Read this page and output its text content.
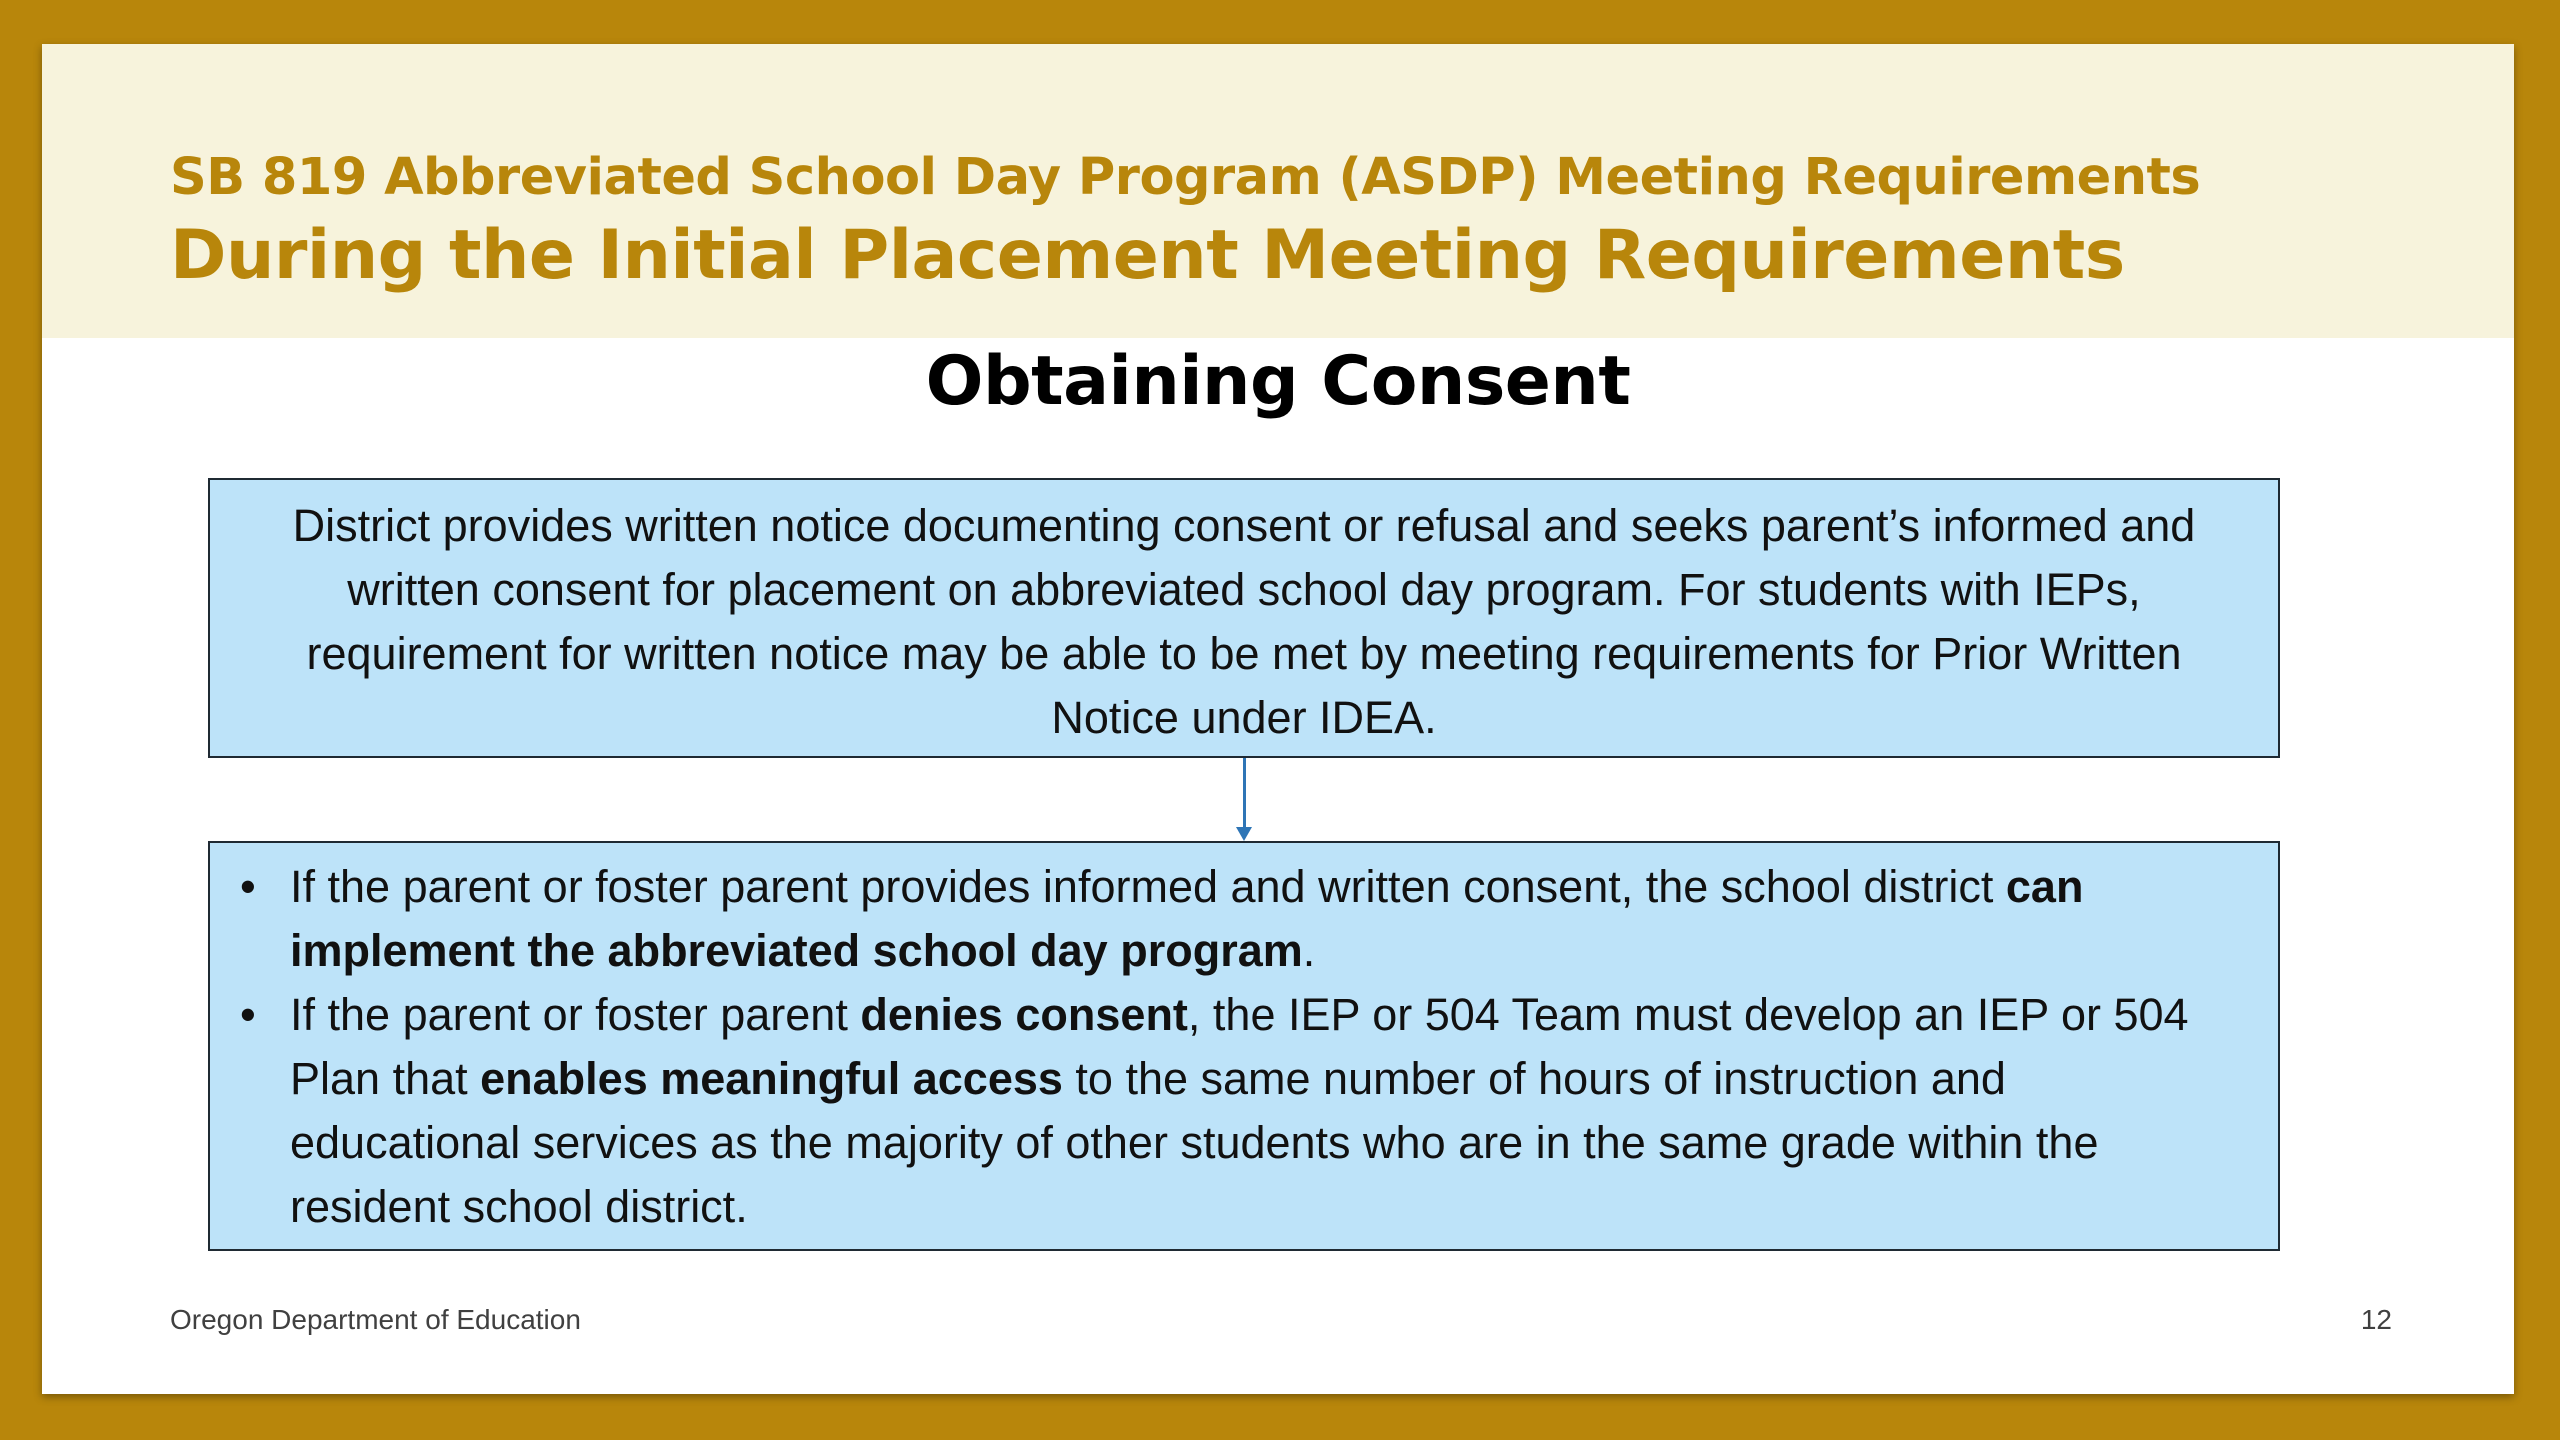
SB 819 Abbreviated School Day Program (ASDP) Meeting Requirements
During the Initial Placement Meeting Requirements
Obtaining Consent
District provides written notice documenting consent or refusal and seeks parent’s informed and written consent for placement on abbreviated school day program. For students with IEPs, requirement for written notice may be able to be met by meeting requirements for Prior Written Notice under IDEA.
• If the parent or foster parent provides informed and written consent, the school district can implement the abbreviated school day program.
• If the parent or foster parent denies consent, the IEP or 504 Team must develop an IEP or 504 Plan that enables meaningful access to the same number of hours of instruction and educational services as the majority of other students who are in the same grade within the resident school district.
Oregon Department of Education	12
